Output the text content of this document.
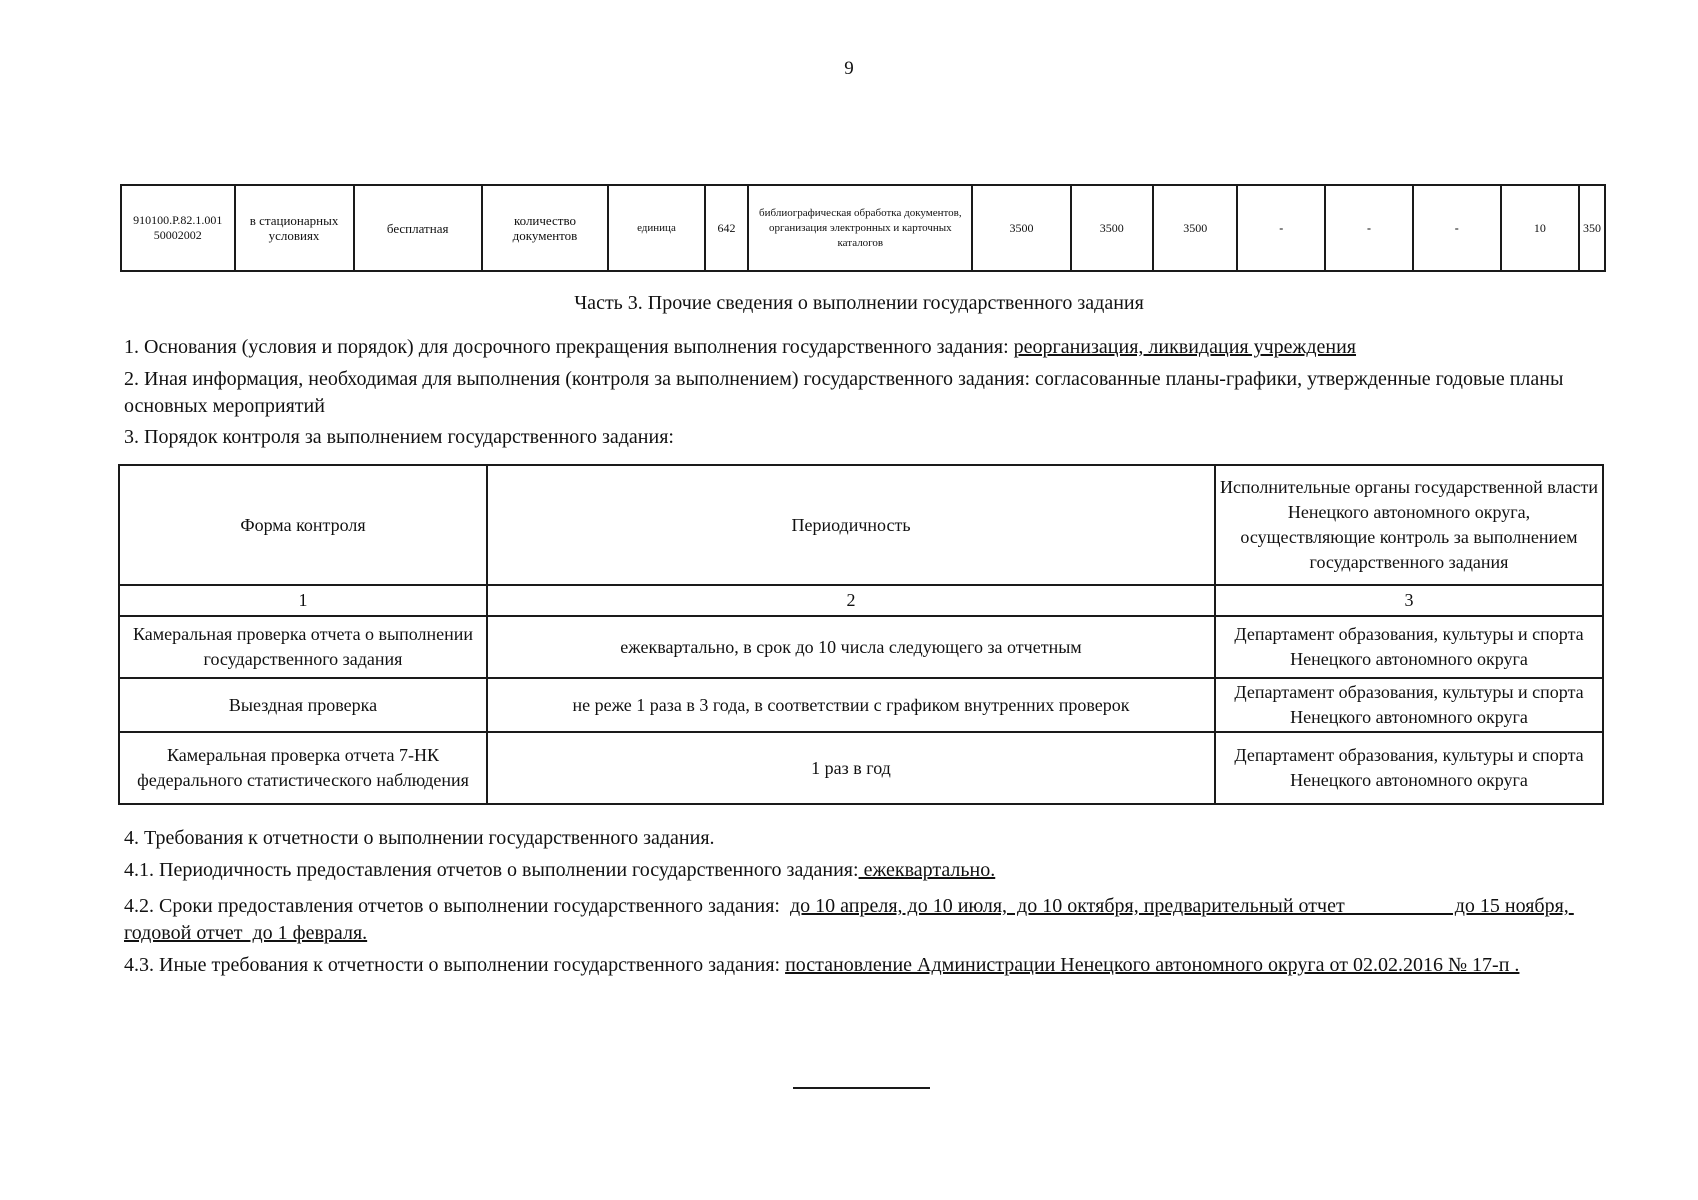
9
910100.Р.82.1.001 50002002	в стационарных условиях	бесплатная	количество документов	единица	642	библиографическая обработка документов, организация электронных и карточных каталогов	3500	3500	3500	-	-	-	10	350
Часть 3. Прочие сведения о выполнении государственного задания
1. Основания (условия и порядок) для досрочного прекращения выполнения государственного задания: реорганизация, ликвидация учреждения
2. Иная информация, необходимая для выполнения (контроля за выполнением) государственного задания: согласованные планы-графики, утвержденные годовые планы основных мероприятий
3. Порядок контроля за выполнением государственного задания:
Форма контроля	Периодичность	Исполнительные органы государственной власти Ненецкого автономного округа, осуществляющие контроль за выполнением государственного задания
1	2	3
Камеральная проверка отчета о выполнении государственного задания	ежеквартально, в срок до 10 числа следующего за отчетным	Департамент образования, культуры и спорта Ненецкого автономного округа
Выездная проверка	не реже 1 раза в 3 года, в соответствии с графиком внутренних проверок	Департамент образования, культуры и спорта Ненецкого автономного округа
Камеральная проверка отчета 7-НК федерального статистического наблюдения	1 раз в год	Департамент образования, культуры и спорта Ненецкого автономного округа
4. Требования к отчетности о выполнении государственного задания.
4.1. Периодичность предоставления отчетов о выполнении государственного задания: ежеквартально.
4.2. Сроки предоставления отчетов о выполнении государственного задания:  до 10 апреля, до 10 июля,  до 10 октября, предварительный отчет                      до 15 ноября, годовой отчет  до 1 февраля.
4.3. Иные требования к отчетности о выполнении государственного задания: постановление Администрации Ненецкого автономного округа от 02.02.2016 № 17-п .
